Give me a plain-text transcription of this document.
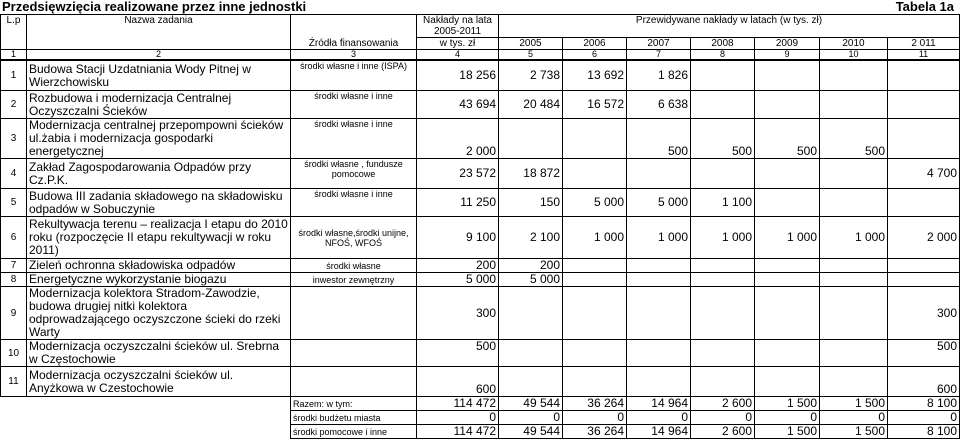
Przedsięwzięcia realizowane przez inne jednostki	Tabela 1a
L.p	Nazwa zadania	Źródła finansowania	Nakłady na lata 2005-2011	Przewidywane nakłady w latach (w tys. zł)						
			w tys. zł	2005	2006	2007	2008	2009	2010	2 011
1	2	3	4	5	6	7	8	9	10	11
1	Budowa Stacji Uzdatniania Wody Pitnej w Wierzchowisku	środki własne i inne (ISPA)	18 256	2 738	13 692	1 826				
2	Rozbudowa i modernizacja Centralnej Oczyszczalni Ścieków	środki własne i inne	43 694	20 484	16 572	6 638				
3	Modernizacja centralnej przepompowni ścieków ul.żabia i modernizacja gospodarki energetycznej	środki własne i inne	2 000			500	500	500	500	
4	Zakład Zagospodarowania Odpadów przy Cz.P.K.	środki własne , fundusze pomocowe	23 572	18 872						4 700
5	Budowa III zadania składowego na składowisku odpadów w Sobuczynie	środki własne i inne	11 250	150	5 000	5 000	1 100			
6	Rekultywacja terenu – realizacja I etapu do 2010 roku (rozpoczęcie II etapu rekultywacji w roku 2011)	środki własne,środki unijne, NFOŚ, WFOŚ	9 100	2 100	1 000	1 000	1 000	1 000	1 000	2 000
7	Zieleń ochronna składowiska odpadów	środki własne	200	200						
8	Energetyczne wykorzystanie biogazu	inwestor zewnętrzny	5 000	5 000						
9	Modernizacja kolektora Stradom-Zawodzie, budowa drugiej nitki kolektora odprowadzającego oczyszczone ścieki do rzeki Warty		300							300
10	Modernizacja oczyszczalni ścieków ul. Srebrna w Częstochowie		500							500
11	Modernizacja oczyszczalni ścieków ul. Anyżkowa w Czestochowie		600							600
		Razem: w tym:	114 472	49 544	36 264	14 964	2 600	1 500	1 500	8 100
		środki budżetu miasta	0	0	0	0	0	0	0	0
		środki pomocowe i inne	114 472	49 544	36 264	14 964	2 600	1 500	1 500	8 100
